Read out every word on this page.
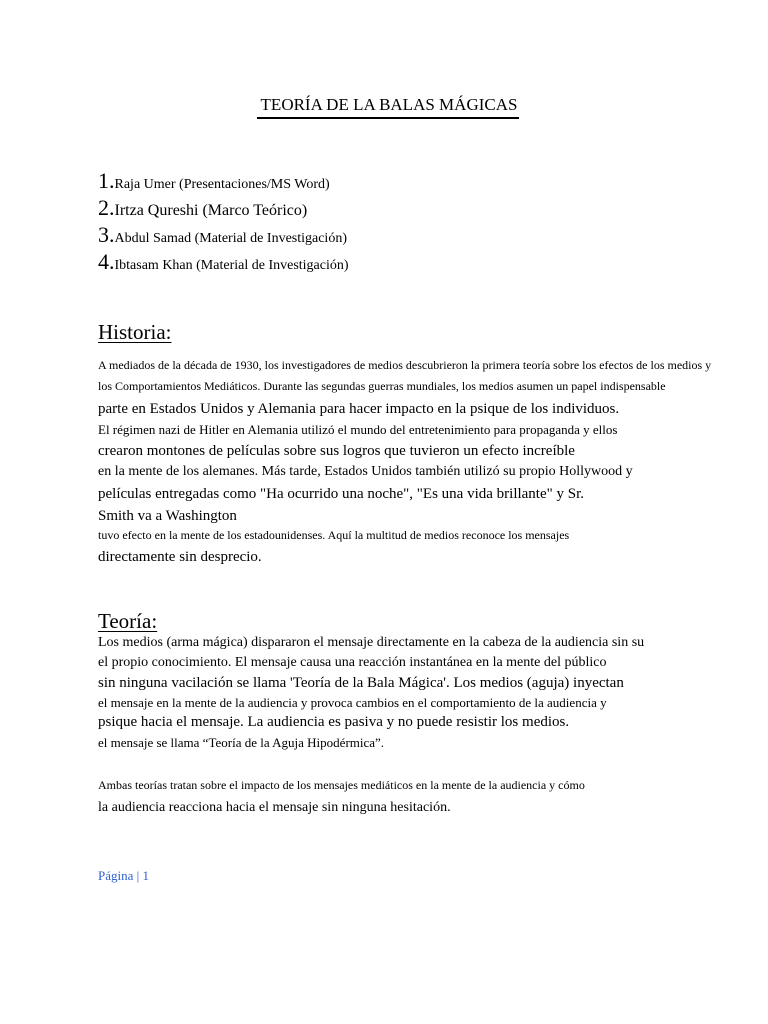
TEORÍA DE LA BALAS MÁGICAS
1.Raja Umer (Presentaciones/MS Word)
2.Irtza Qureshi (Marco Teórico)
3.Abdul Samad (Material de Investigación)
4.Ibtasam Khan (Material de Investigación)
Historia:
A mediados de la década de 1930, los investigadores de medios descubrieron la primera teoría sobre los efectos de los medios y
los Comportamientos Mediáticos. Durante las segundas guerras mundiales, los medios asumen un papel indispensable
parte en Estados Unidos y Alemania para hacer impacto en la psique de los individuos.
El régimen nazi de Hitler en Alemania utilizó el mundo del entretenimiento para propaganda y ellos
crearon montones de películas sobre sus logros que tuvieron un efecto increíble
en la mente de los alemanes. Más tarde, Estados Unidos también utilizó su propio Hollywood y
películas entregadas como "Ha ocurrido una noche", "Es una vida brillante" y Sr.
Smith va a Washington
tuvo efecto en la mente de los estadounidenses. Aquí la multitud de medios reconoce los mensajes
directamente sin desprecio.
Teoría:
Los medios (arma mágica) dispararon el mensaje directamente en la cabeza de la audiencia sin su
el propio conocimiento. El mensaje causa una reacción instantánea en la mente del público
sin ninguna vacilación se llama 'Teoría de la Bala Mágica'. Los medios (aguja) inyectan
el mensaje en la mente de la audiencia y provoca cambios en el comportamiento de la audiencia y
psique hacia el mensaje. La audiencia es pasiva y no puede resistir los medios.
el mensaje se llama “Teoría de la Aguja Hipodérmica”.
Ambas teorías tratan sobre el impacto de los mensajes mediáticos en la mente de la audiencia y cómo
la audiencia reacciona hacia el mensaje sin ninguna hesitación.
Página | 1
